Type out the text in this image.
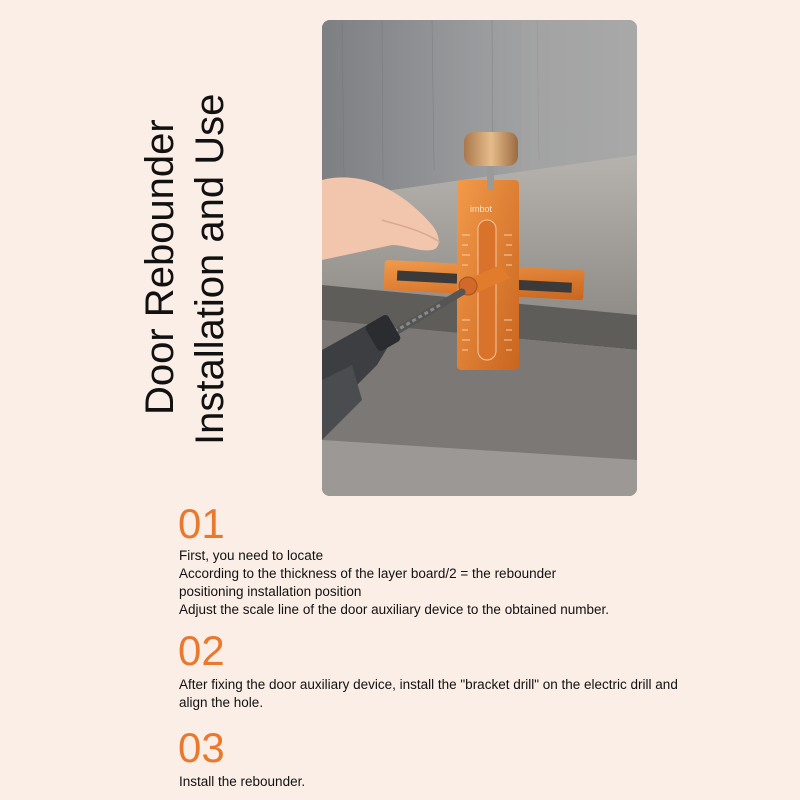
Door Rebounder Installation and Use	imbot
01

First, you need to locate

According to the thickness of the layer board/2 = the rebounder positioning installation position

Adjust the scale line of the door auxiliary device to the obtained number.

02

After fixing the door auxiliary device, install the "bracket drill" on the electric drill and align the hole.

03

Install the rebounder.
